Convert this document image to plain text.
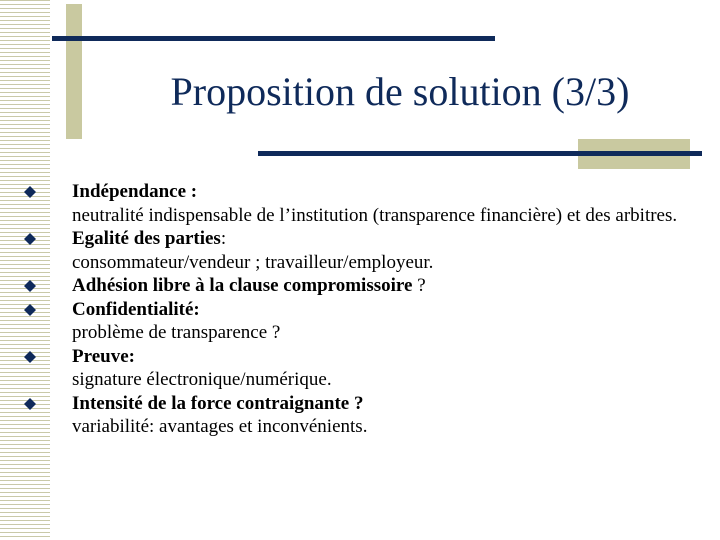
Proposition de solution (3/3)
Indépendance :
neutralité indispensable de l’institution (transparence financière) et des arbitres.
Egalité des parties:
consommateur/vendeur ; travailleur/employeur.
Adhésion libre à la clause compromissoire ?
Confidentialité:
problème de transparence ?
Preuve:
signature électronique/numérique.
Intensité de la force contraignante ?
variabilité: avantages et inconvénients.
